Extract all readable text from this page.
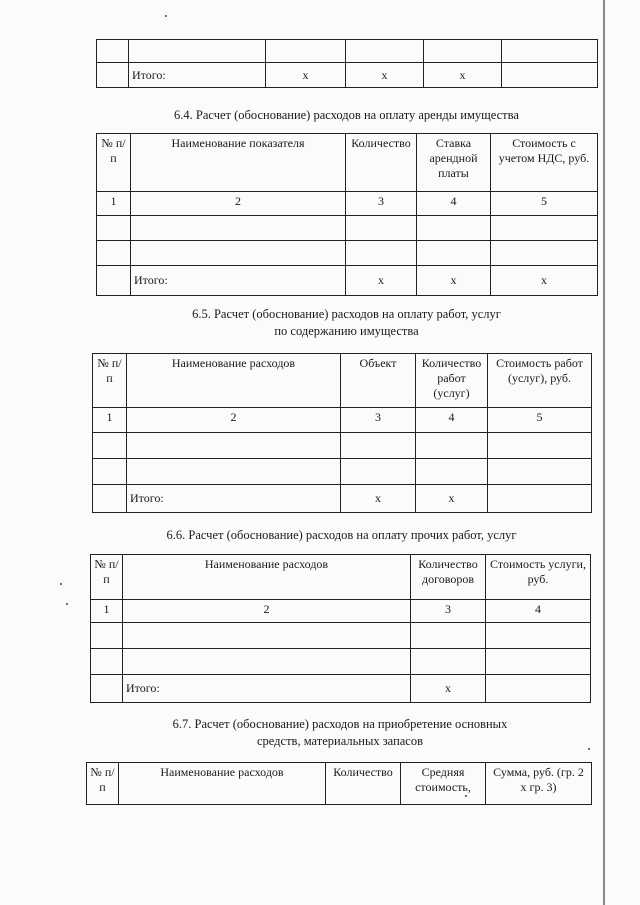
	Итого:	х	х	х	
6.4. Расчет (обоснование) расходов на оплату аренды имущества
№ п/п	Наименование показателя	Количество	Ставка арендной платы	Стоимость с учетом НДС, руб.
1	2	3	4	5

	Итого:	х	х	х
6.5. Расчет (обоснование) расходов на оплату работ, услуг
по содержанию имущества
№ п/п	Наименование расходов	Объект	Количество работ (услуг)	Стоимость работ (услуг), руб.
1	2	3	4	5

	Итого:	х	х	
6.6. Расчет (обоснование) расходов на оплату прочих работ, услуг
№ п/п	Наименование расходов	Количество договоров	Стоимость услуги, руб.
1	2	3	4

	Итого:	х	
6.7. Расчет (обоснование) расходов на приобретение основных
средств, материальных запасов
№ п/п	Наименование расходов	Количество	Средняя стоимость,	Сумма, руб. (гр. 2 х гр. 3)
